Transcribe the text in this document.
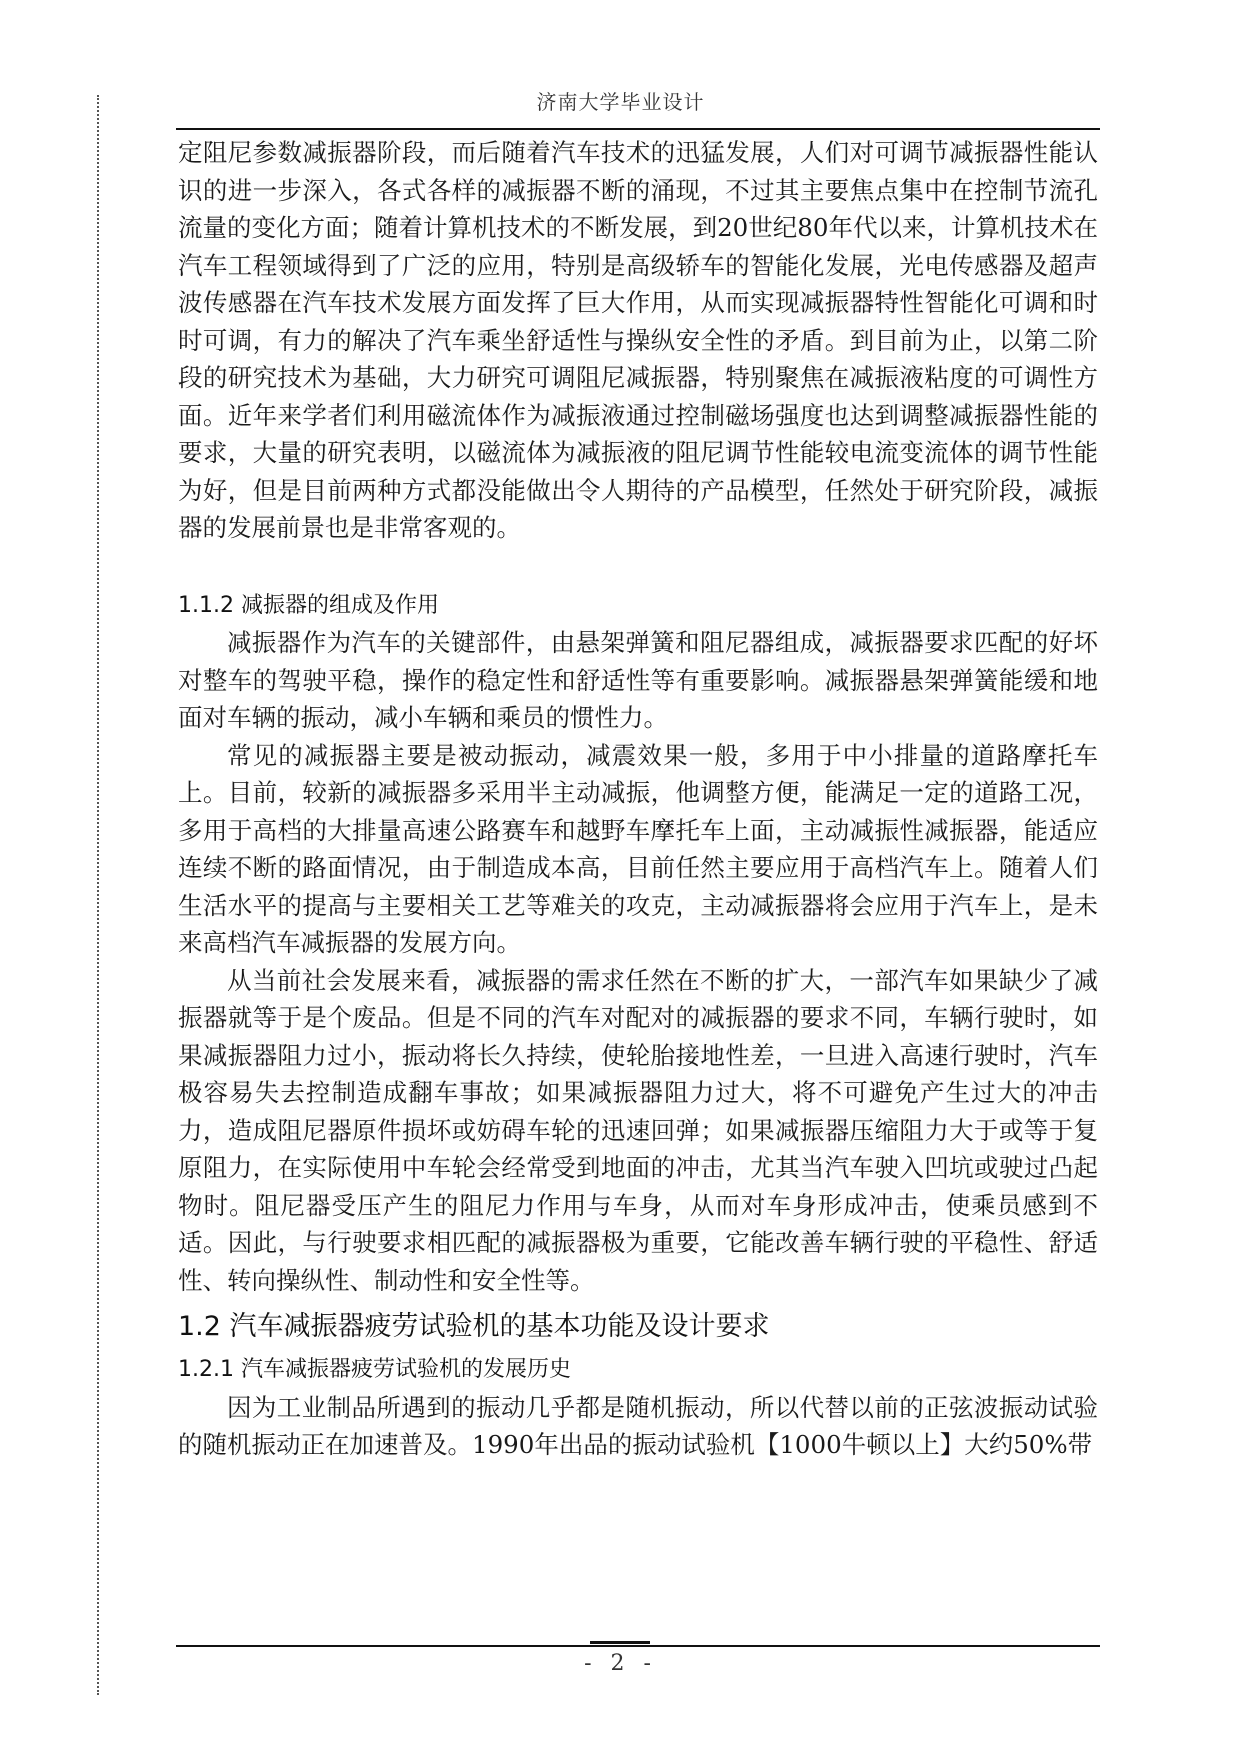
济南大学毕业设计

定阻尼参数减振器阶段，而后随着汽车技术的迅猛发展，人们对可调节减振器性能认识的进一步深入，各式各样的减振器不断的涌现，不过其主要焦点集中在控制节流孔流量的变化方面；随着计算机技术的不断发展，到20世纪80年代以来，计算机技术在汽车工程领域得到了广泛的应用，特别是高级轿车的智能化发展，光电传感器及超声波传感器在汽车技术发展方面发挥了巨大作用，从而实现减振器特性智能化可调和时时可调，有力的解决了汽车乘坐舒适性与操纵安全性的矛盾。到目前为止，以第二阶段的研究技术为基础，大力研究可调阻尼减振器，特别聚焦在减振液粘度的可调性方面。近年来学者们利用磁流体作为减振液通过控制磁场强度也达到调整减振器性能的要求，大量的研究表明，以磁流体为减振液的阻尼调节性能较电流变流体的调节性能为好，但是目前两种方式都没能做出令人期待的产品模型，任然处于研究阶段，减振器的发展前景也是非常客观的。

1.1.2 减振器的组成及作用

减振器作为汽车的关键部件，由悬架弹簧和阻尼器组成，减振器要求匹配的好坏对整车的驾驶平稳，操作的稳定性和舒适性等有重要影响。减振器悬架弹簧能缓和地面对车辆的振动，减小车辆和乘员的惯性力。

常见的减振器主要是被动振动，减震效果一般，多用于中小排量的道路摩托车上。目前，较新的减振器多采用半主动减振，他调整方便，能满足一定的道路工况，多用于高档的大排量高速公路赛车和越野车摩托车上面，主动减振性减振器，能适应连续不断的路面情况，由于制造成本高，目前任然主要应用于高档汽车上。随着人们生活水平的提高与主要相关工艺等难关的攻克，主动减振器将会应用于汽车上，是未来高档汽车减振器的发展方向。

从当前社会发展来看，减振器的需求任然在不断的扩大，一部汽车如果缺少了减振器就等于是个废品。但是不同的汽车对配对的减振器的要求不同，车辆行驶时，如果减振器阻力过小，振动将长久持续，使轮胎接地性差，一旦进入高速行驶时，汽车极容易失去控制造成翻车事故；如果减振器阻力过大，将不可避免产生过大的冲击力，造成阻尼器原件损坏或妨碍车轮的迅速回弹；如果减振器压缩阻力大于或等于复原阻力，在实际使用中车轮会经常受到地面的冲击，尤其当汽车驶入凹坑或驶过凸起物时。阻尼器受压产生的阻尼力作用与车身，从而对车身形成冲击，使乘员感到不适。因此，与行驶要求相匹配的减振器极为重要，它能改善车辆行驶的平稳性、舒适性、转向操纵性、制动性和安全性等。

1.2 汽车减振器疲劳试验机的基本功能及设计要求
1.2.1 汽车减振器疲劳试验机的发展历史

因为工业制品所遇到的振动几乎都是随机振动，所以代替以前的正弦波振动试验的随机振动正在加速普及。1990年出品的振动试验机【1000牛顿以上】大约50%带

- 2 -
